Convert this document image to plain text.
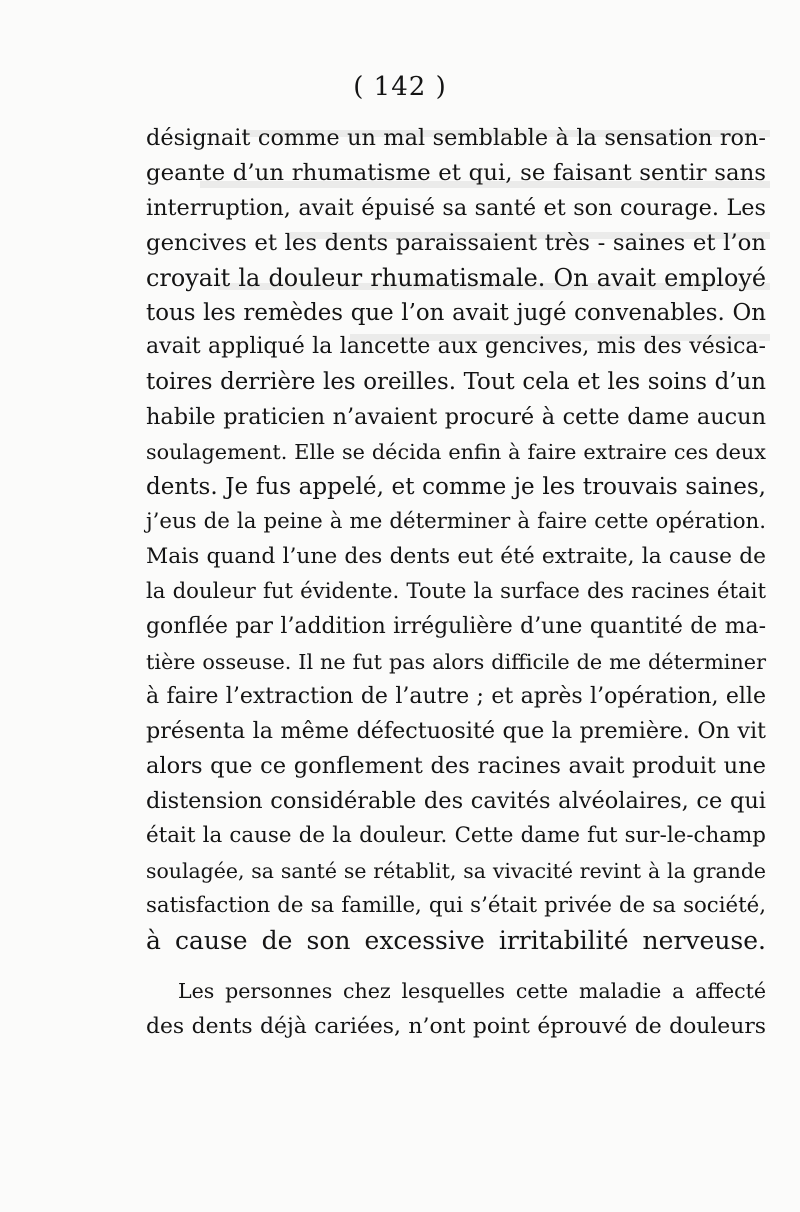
( 142 )

désignait comme un mal semblable à la sensation ron-
geante d’un rhumatisme et qui, se faisant sentir sans
interruption, avait épuisé sa santé et son courage. Les
gencives et les dents paraissaient très - saines et l’on
croyait la douleur rhumatismale. On avait employé
tous les remèdes que l’on avait jugé convenables. On
avait appliqué la lancette aux gencives, mis des vésica-
toires derrière les oreilles. Tout cela et les soins d’un
habile praticien n’avaient procuré à cette dame aucun
soulagement. Elle se décida enfin à faire extraire ces deux
dents. Je fus appelé, et comme je les trouvais saines,
j’eus de la peine à me déterminer à faire cette opération.
Mais quand l’une des dents eut été extraite, la cause de
la douleur fut évidente. Toute la surface des racines était
gonflée par l’addition irrégulière d’une quantité de ma-
tière osseuse. Il ne fut pas alors difficile de me déterminer
à faire l’extraction de l’autre ; et après l’opération, elle
présenta la même défectuosité que la première. On vit
alors que ce gonflement des racines avait produit une
distension considérable des cavités alvéolaires, ce qui
était la cause de la douleur. Cette dame fut sur-le-champ
soulagée, sa santé se rétablit, sa vivacité revint à la grande
satisfaction de sa famille, qui s’était privée de sa société,
à cause de son excessive irritabilité nerveuse.

Les personnes chez lesquelles cette maladie a affecté
des dents déjà cariées, n’ont point éprouvé de douleurs
